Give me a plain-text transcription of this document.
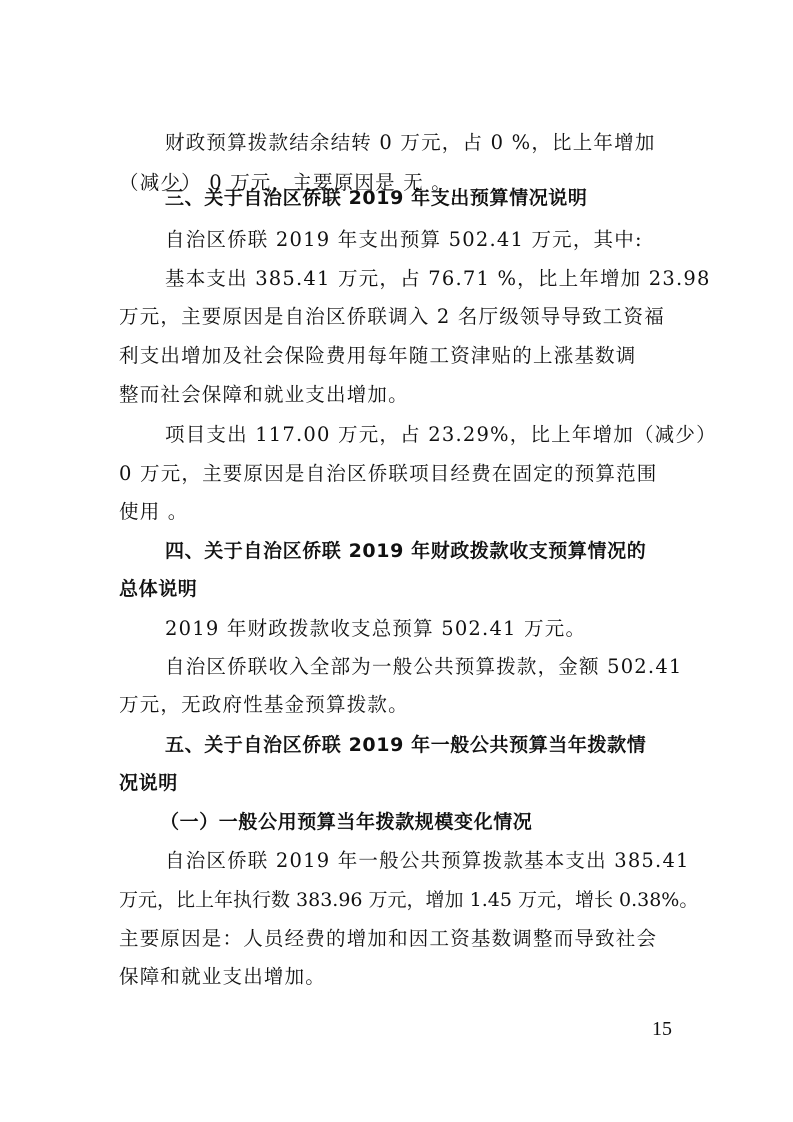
财政预算拨款结余结转 0 万元，占 0 %，比上年增加

（减少） 0 万元，主要原因是 无 。

三、关于自治区侨联 2019 年支出预算情况说明

自治区侨联 2019 年支出预算 502.41 万元，其中:

基本支出 385.41 万元，占 76.71 %，比上年增加 23.98

万元，主要原因是自治区侨联调入 2 名厅级领导导致工资福

利支出增加及社会保险费用每年随工资津贴的上涨基数调

整而社会保障和就业支出增加。

项目支出 117.00 万元，占 23.29%，比上年增加（减少）

0 万元，主要原因是自治区侨联项目经费在固定的预算范围

使用 。

四、关于自治区侨联 2019 年财政拨款收支预算情况的

总体说明

2019 年财政拨款收支总预算 502.41 万元。

自治区侨联收入全部为一般公共预算拨款，金额 502.41

万元，无政府性基金预算拨款。

五、关于自治区侨联 2019 年一般公共预算当年拨款情

况说明

（一）一般公用预算当年拨款规模变化情况

自治区侨联 2019 年一般公共预算拨款基本支出 385.41

万元，比上年执行数 383.96 万元，增加 1.45 万元，增长 0.38%。

主要原因是：人员经费的增加和因工资基数调整而导致社会

保障和就业支出增加。

15
